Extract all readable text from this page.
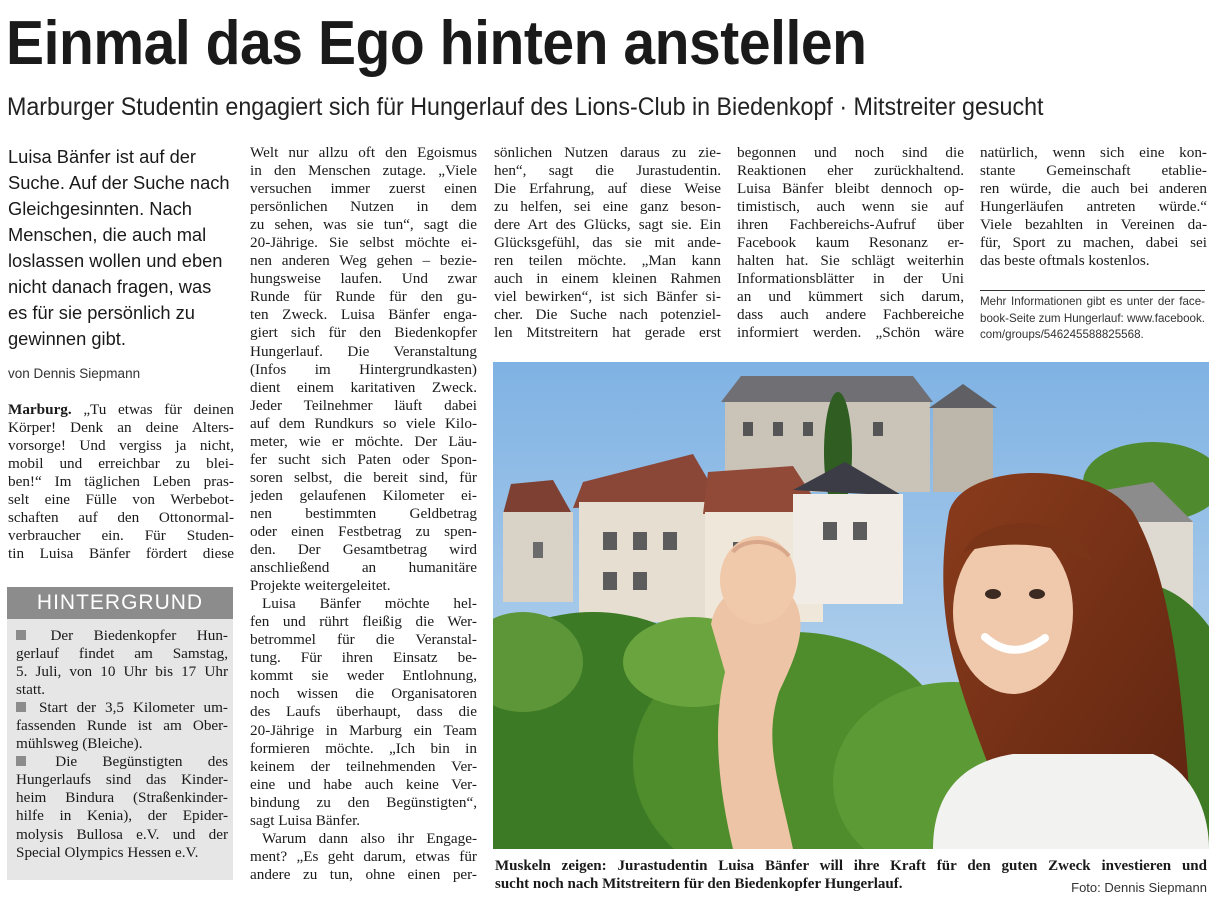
Einmal das Ego hinten anstellen

Marburger Studentin engagiert sich für Hungerlauf des Lions-Club in Biedenkopf · Mitstreiter gesucht

Luisa Bänfer ist auf der
Suche. Auf der Suche nach
Gleichgesinnten. Nach
Menschen, die auch mal
loslassen wollen und eben
nicht danach fragen, was
es für sie persönlich zu
gewinnen gibt.
von Dennis Siepmann
Marburg. „Tu etwas für deinen
Körper! Denk an deine Alters-
vorsorge! Und vergiss ja nicht,
mobil und erreichbar zu blei-
ben!“ Im täglichen Leben pras-
selt eine Fülle von Werbebot-
schaften auf den Ottonormal-
verbraucher ein. Für Studen-
tin Luisa Bänfer fördert diese
HINTERGRUND
Der Biedenkopfer Hun-
gerlauf findet am Samstag,
5. Juli, von 10 Uhr bis 17 Uhr
statt.
Start der 3,5 Kilometer um-
fassenden Runde ist am Ober-
mühlsweg (Bleiche).
Die Begünstigten des
Hungerlaufs sind das Kinder-
heim Bindura (Straßenkinder-
hilfe in Kenia), der Epider-
molysis Bullosa e.V. und der
Special Olympics Hessen e.V.
Welt nur allzu oft den Egoismus
in den Menschen zutage. „Viele
versuchen immer zuerst einen
persönlichen Nutzen in dem
zu sehen, was sie tun“, sagt die
20-Jährige. Sie selbst möchte ei-
nen anderen Weg gehen – bezie-
hungsweise laufen. Und zwar
Runde für Runde für den gu-
ten Zweck. Luisa Bänfer enga-
giert sich für den Biedenkopfer
Hungerlauf. Die Veranstaltung
(Infos im Hintergrundkasten)
dient einem karitativen Zweck.
Jeder Teilnehmer läuft dabei
auf dem Rundkurs so viele Kilo-
meter, wie er möchte. Der Läu-
fer sucht sich Paten oder Spon-
soren selbst, die bereit sind, für
jeden gelaufenen Kilometer ei-
nen bestimmten Geldbetrag
oder einen Festbetrag zu spen-
den. Der Gesamtbetrag wird
anschließend an humanitäre
Projekte weitergeleitet.
Luisa Bänfer möchte hel-
fen und rührt fleißig die Wer-
betrommel für die Veranstal-
tung. Für ihren Einsatz be-
kommt sie weder Entlohnung,
noch wissen die Organisatoren
des Laufs überhaupt, dass die
20-Jährige in Marburg ein Team
formieren möchte. „Ich bin in
keinem der teilnehmenden Ver-
eine und habe auch keine Ver-
bindung zu den Begünstigten“,
sagt Luisa Bänfer.
Warum dann also ihr Engage-
ment? „Es geht darum, etwas für
andere zu tun, ohne einen per-
sönlichen Nutzen daraus zu zie-
hen“, sagt die Jurastudentin.
Die Erfahrung, auf diese Weise
zu helfen, sei eine ganz beson-
dere Art des Glücks, sagt sie. Ein
Glücksgefühl, das sie mit ande-
ren teilen möchte. „Man kann
auch in einem kleinen Rahmen
viel bewirken“, ist sich Bänfer si-
cher. Die Suche nach potenziel-
len Mitstreitern hat gerade erst
begonnen und noch sind die
Reaktionen eher zurückhaltend.
Luisa Bänfer bleibt dennoch op-
timistisch, auch wenn sie auf
ihren Fachbereichs-Aufruf über
Facebook kaum Resonanz er-
halten hat. Sie schlägt weiterhin
Informationsblätter in der Uni
an und kümmert sich darum,
dass auch andere Fachbereiche
informiert werden. „Schön wäre
natürlich, wenn sich eine kon-
stante Gemeinschaft etablie-
ren würde, die auch bei anderen
Hungerläufen antreten würde.“
Viele bezahlten in Vereinen da-
für, Sport zu machen, dabei sei
das beste oftmals kostenlos.
Mehr Informationen gibt es unter der face-
book-Seite zum Hungerlauf: www.facebook.
com/groups/546245588825568.
Muskeln zeigen: Jurastudentin Luisa Bänfer will ihre Kraft für den guten Zweck investieren und
sucht noch nach Mitstreitern für den Biedenkopfer Hungerlauf.	Foto: Dennis Siepmann
